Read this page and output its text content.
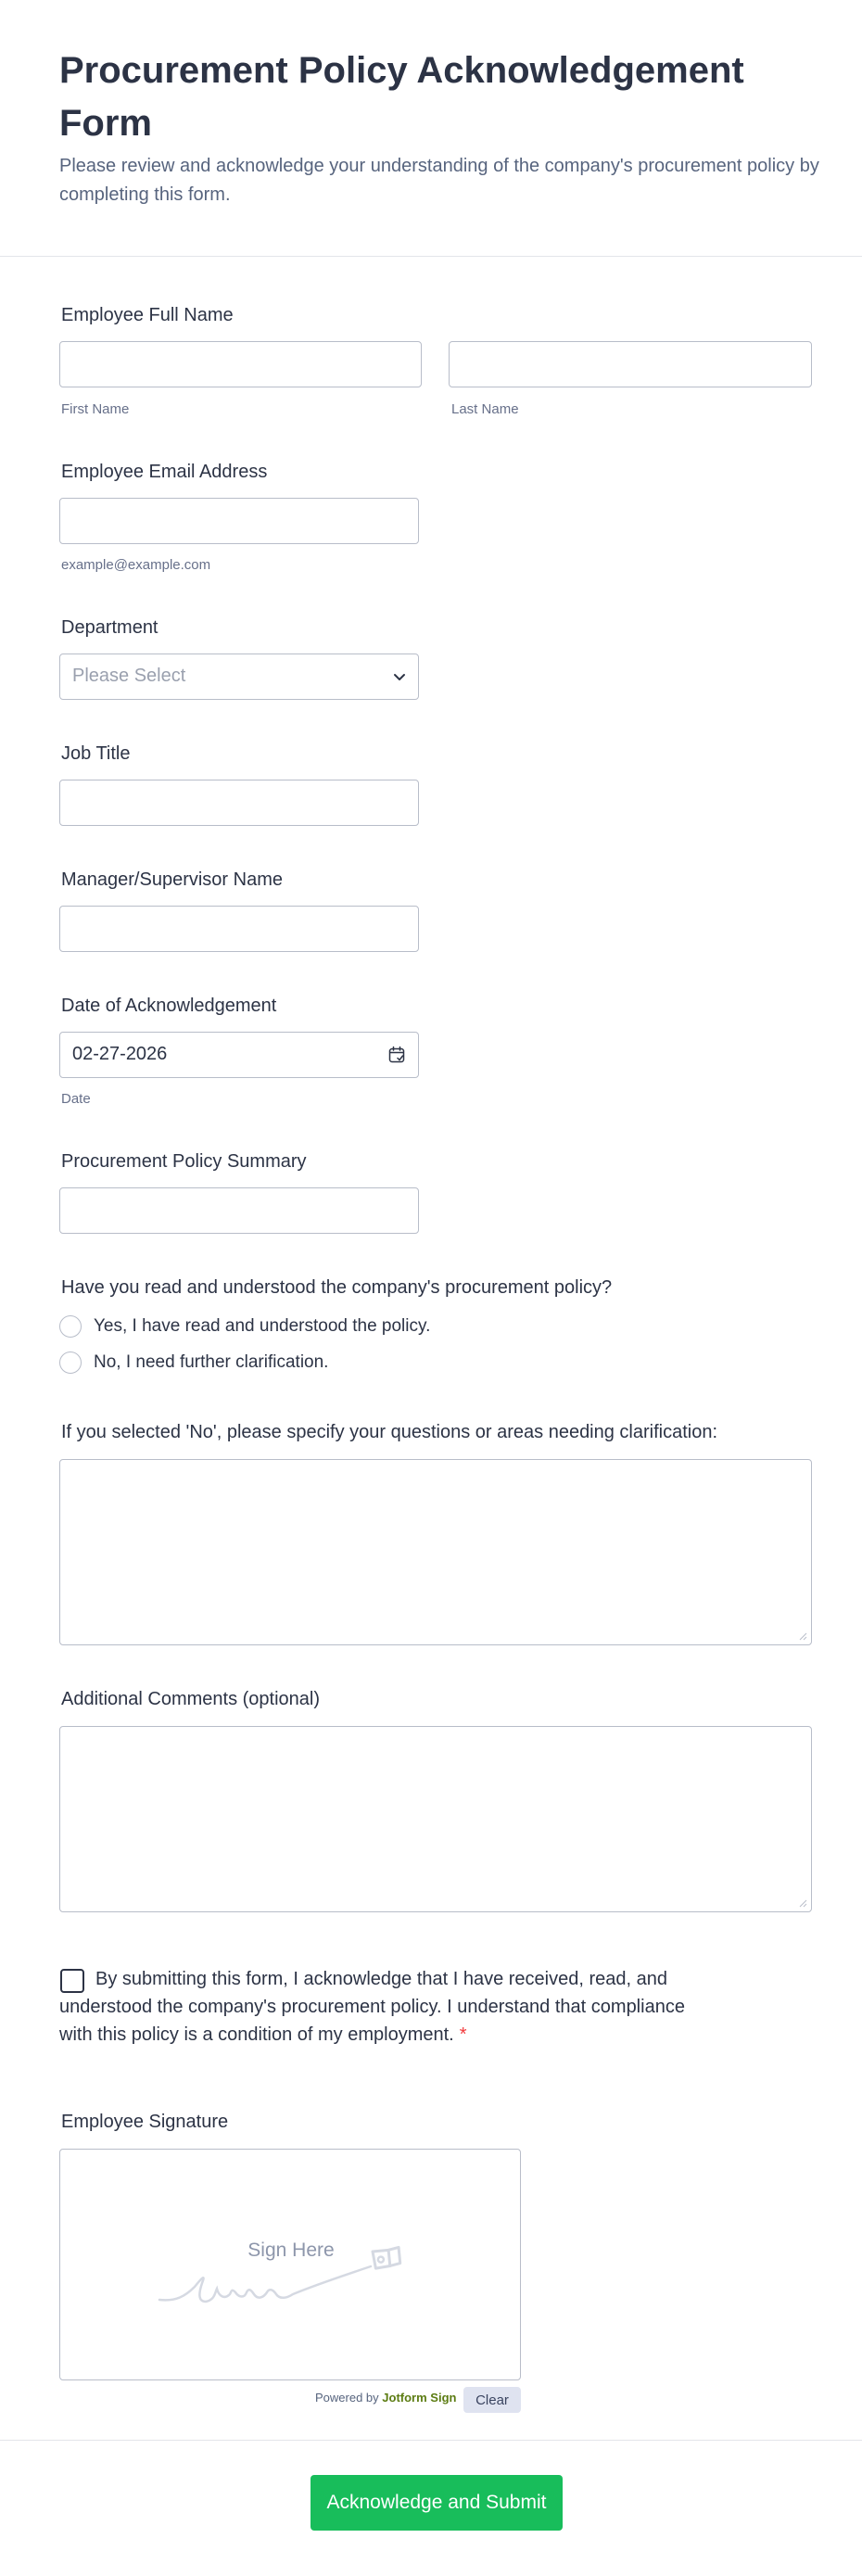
Procurement Policy Acknowledgement Form

Please review and acknowledge your understanding of the company's procurement policy by completing this form.

Employee Full Name
First Name	Last Name
Employee Email Address
example@example.com
Department
Please Select
Job Title
Manager/Supervisor Name
Date of Acknowledgement
02-27-2026
Date
Procurement Policy Summary
Have you read and understood the company's procurement policy?
Yes, I have read and understood the policy.
No, I need further clarification.
If you selected 'No', please specify your questions or areas needing clarification:
Additional Comments (optional)

By submitting this form, I acknowledge that I have received, read, and understood the company's procurement policy. I understand that compliance with this policy is a condition of my employment. *

Employee Signature
Sign Here
Powered by Jotform Sign	Clear
Acknowledge and Submit
